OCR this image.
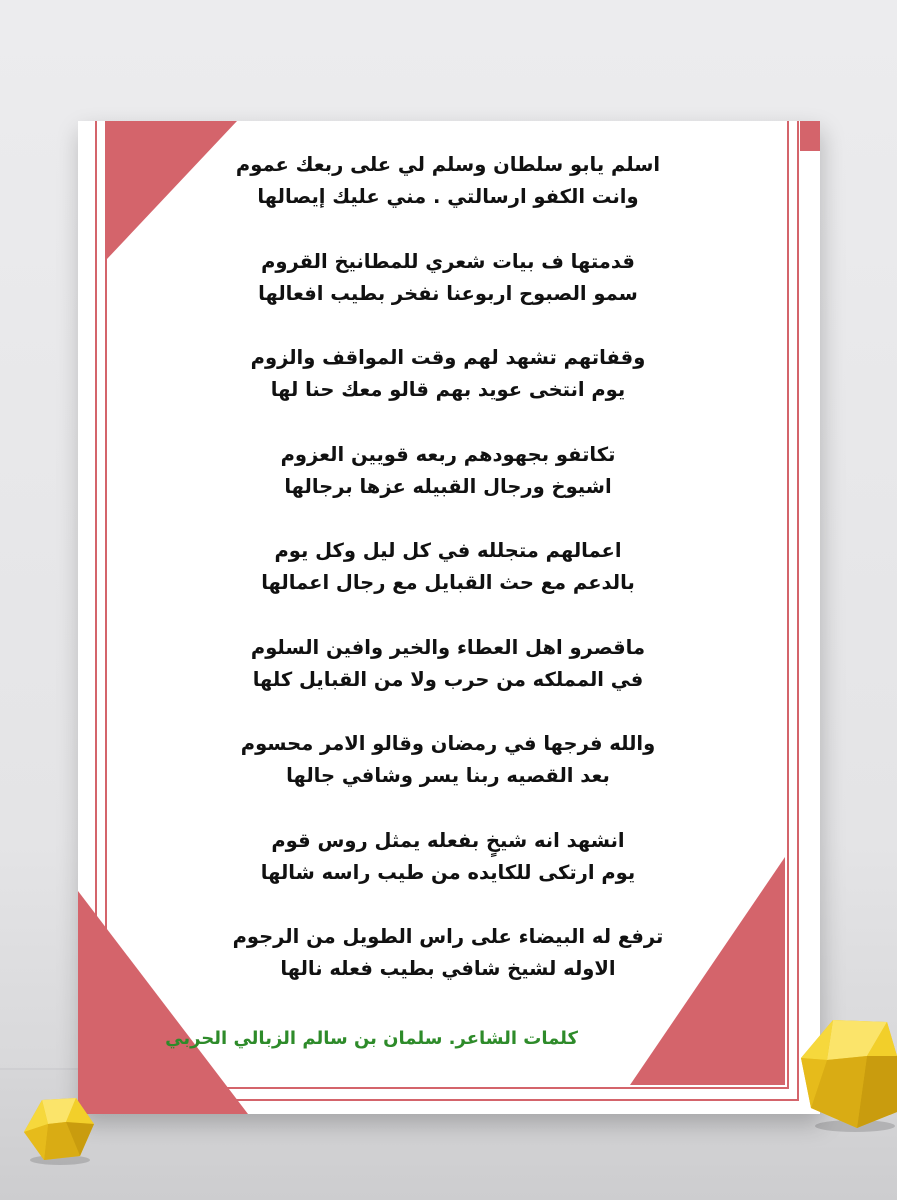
اسلم يابو سلطان وسلم لي على ربعك عموم
وانت الكفو ارسالتي . مني عليك إيصالها
قدمتها ف بيات شعري للمطانيخ القروم
سمو الصبوح اربوعنا نفخر بطيب افعالها
وقفاتهم تشهد لهم وقت المواقف والزوم
يوم انتخى عويد بهم قالو معك حنا لها
تكاتفو بجهودهم ربعه قويين العزوم
اشيوخ ورجال القبيله عزها برجالها
اعمالهم متجلله في كل ليل وكل يوم
بالدعم مع حث القبايل مع رجال اعمالها
ماقصرو اهل العطاء والخير وافين السلوم
في المملكه من حرب ولا من القبايل كلها
والله فرجها في رمضان وقالو الامر محسوم
بعد القصيه ربنا يسر وشافي جالها
انشهد انه شيخٍ بفعله يمثل روس قوم
يوم ارتكى للكايده من طيب راسه شالها
ترفع له البيضاء على راس الطويل من الرجوم
الاوله لشيخ شافي بطيب فعله نالها
كلمات الشاعر. سلمان بن سالم الزبالي الحربي
